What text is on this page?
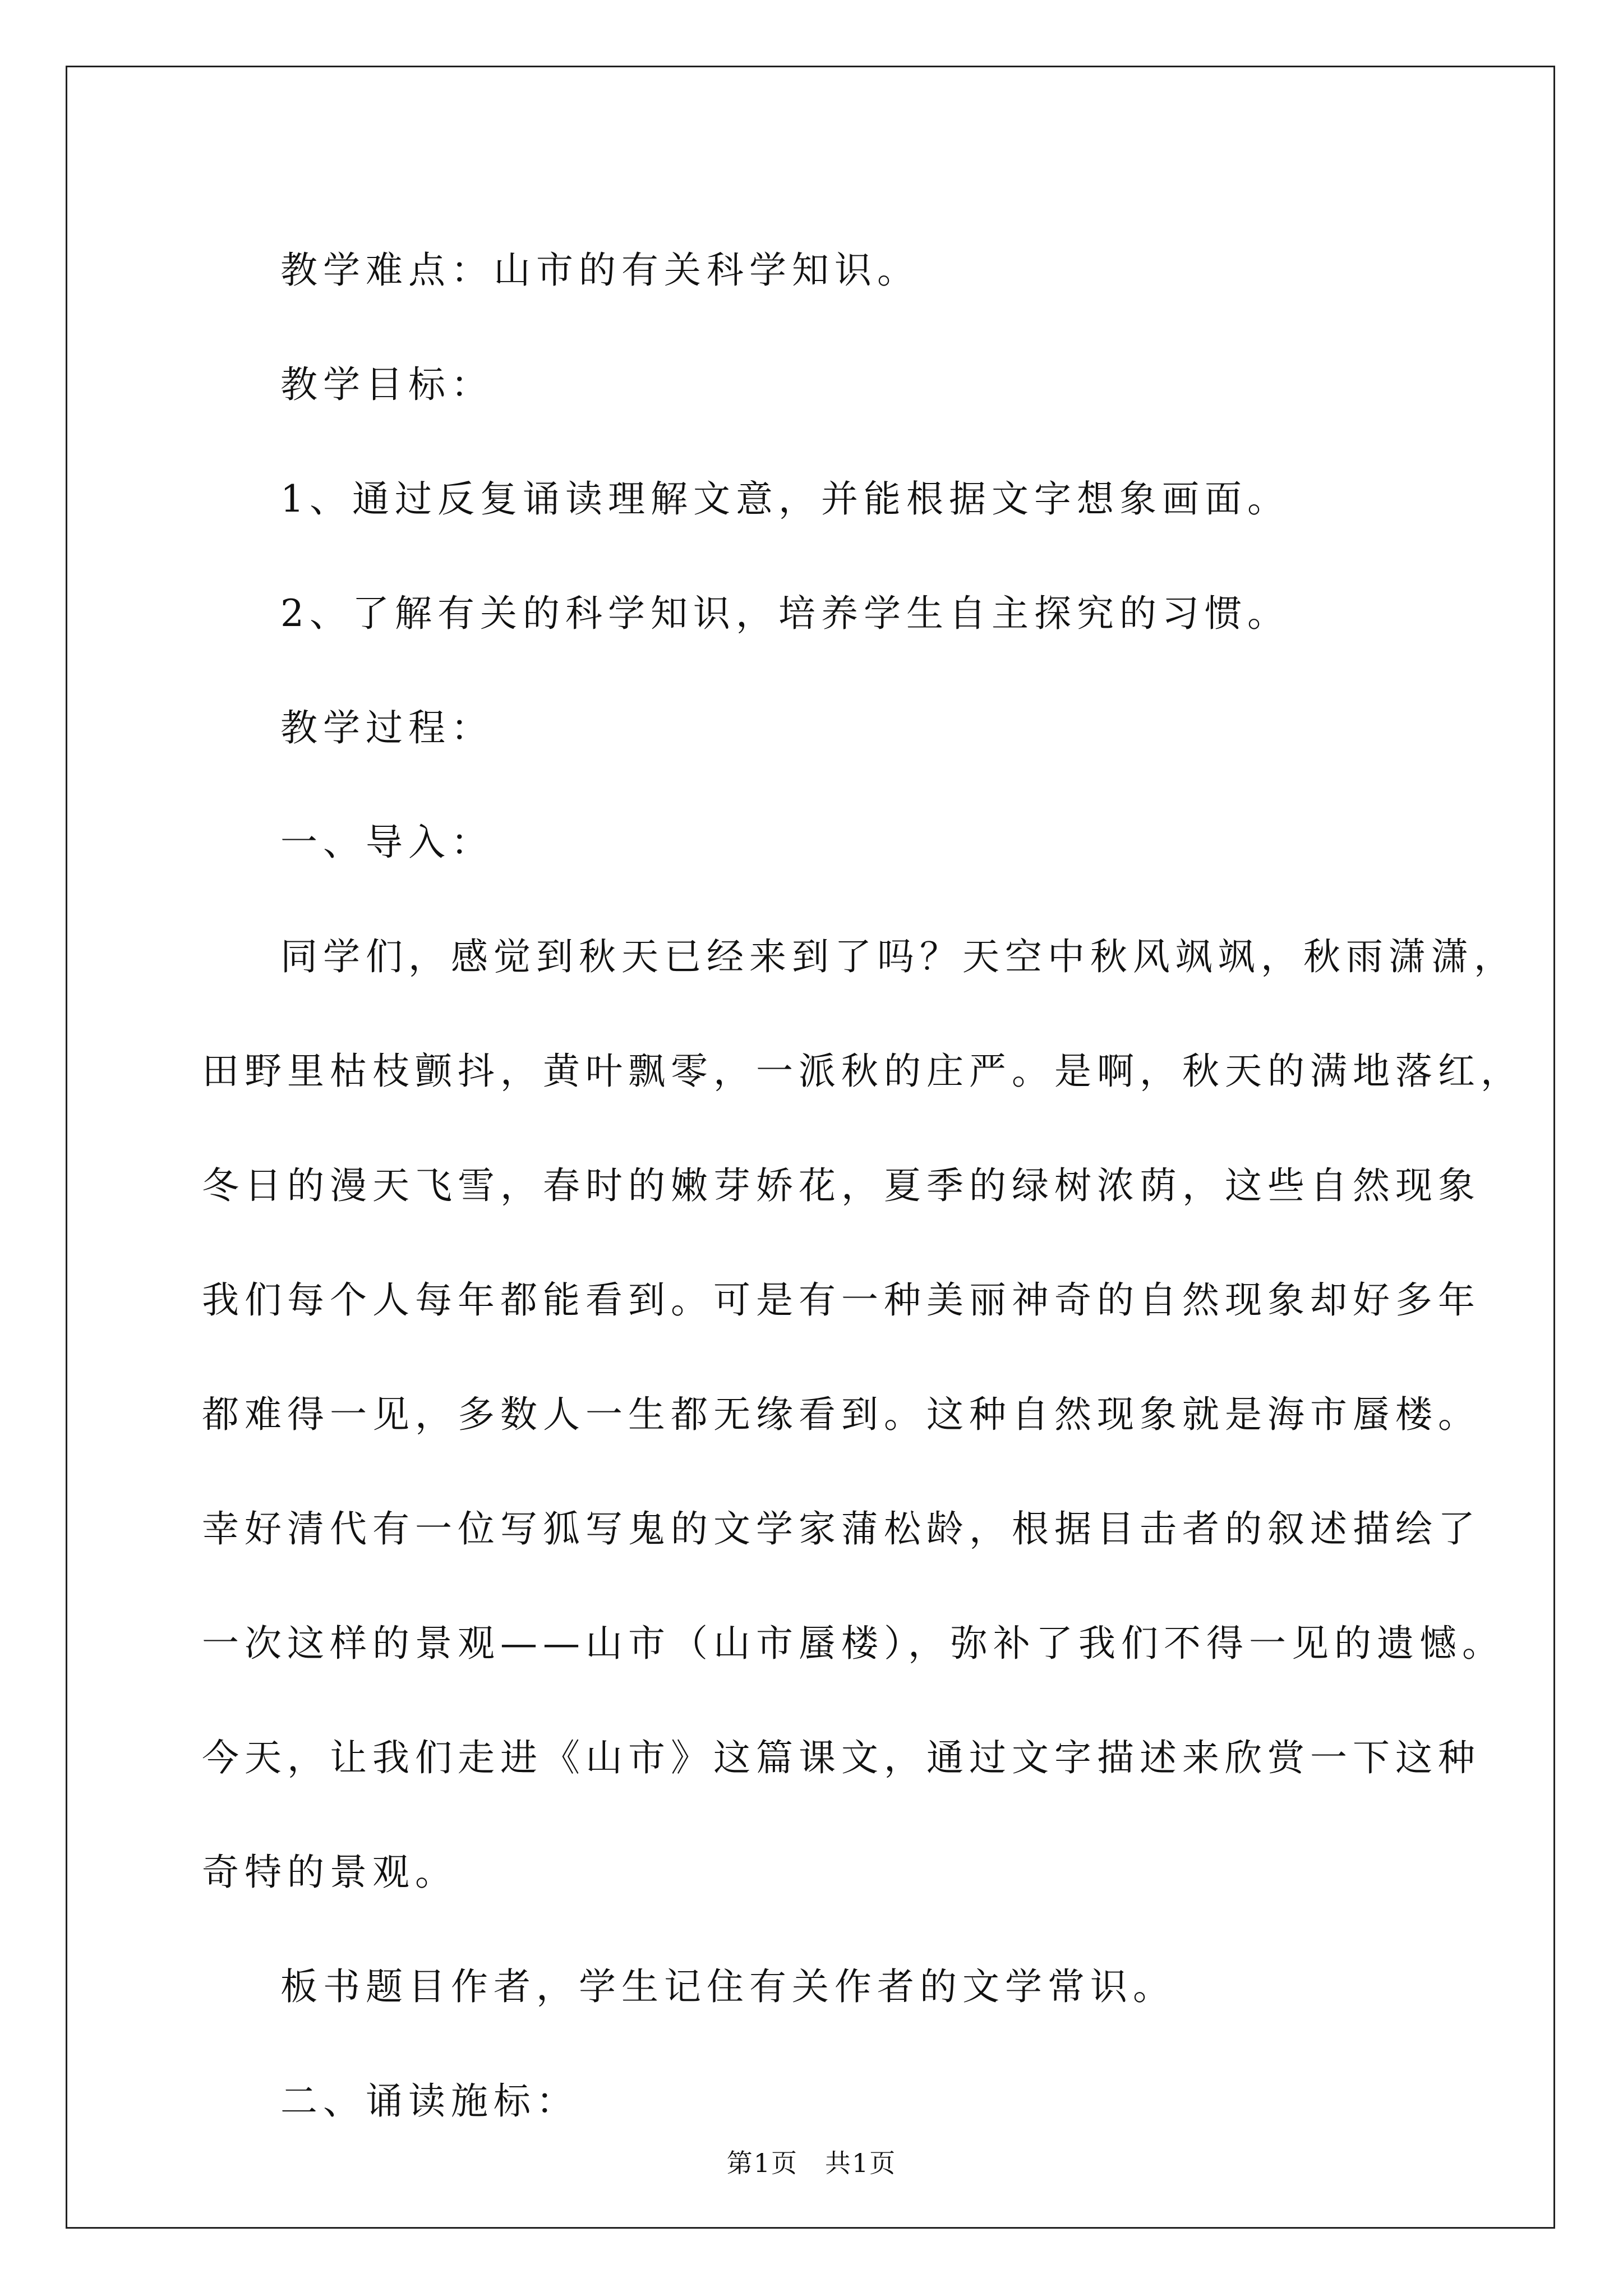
教学难点：山市的有关科学知识。

教学目标：

1、通过反复诵读理解文意，并能根据文字想象画面。

2、了解有关的科学知识，培养学生自主探究的习惯。

教学过程：

一、导入：

同学们，感觉到秋天已经来到了吗？天空中秋风飒飒，秋雨潇潇，
田野里枯枝颤抖，黄叶飘零，一派秋的庄严。是啊，秋天的满地落红，
冬日的漫天飞雪，春时的嫩芽娇花，夏季的绿树浓荫，这些自然现象
我们每个人每年都能看到。可是有一种美丽神奇的自然现象却好多年
都难得一见，多数人一生都无缘看到。这种自然现象就是海市蜃楼。
幸好清代有一位写狐写鬼的文学家蒲松龄，根据目击者的叙述描绘了
一次这样的景观——山市（山市蜃楼），弥补了我们不得一见的遗憾。
今天，让我们走进《山市》这篇课文，通过文字描述来欣赏一下这种
奇特的景观。

板书题目作者，学生记住有关作者的文学常识。

二、诵读施标：

第1页　共1页
